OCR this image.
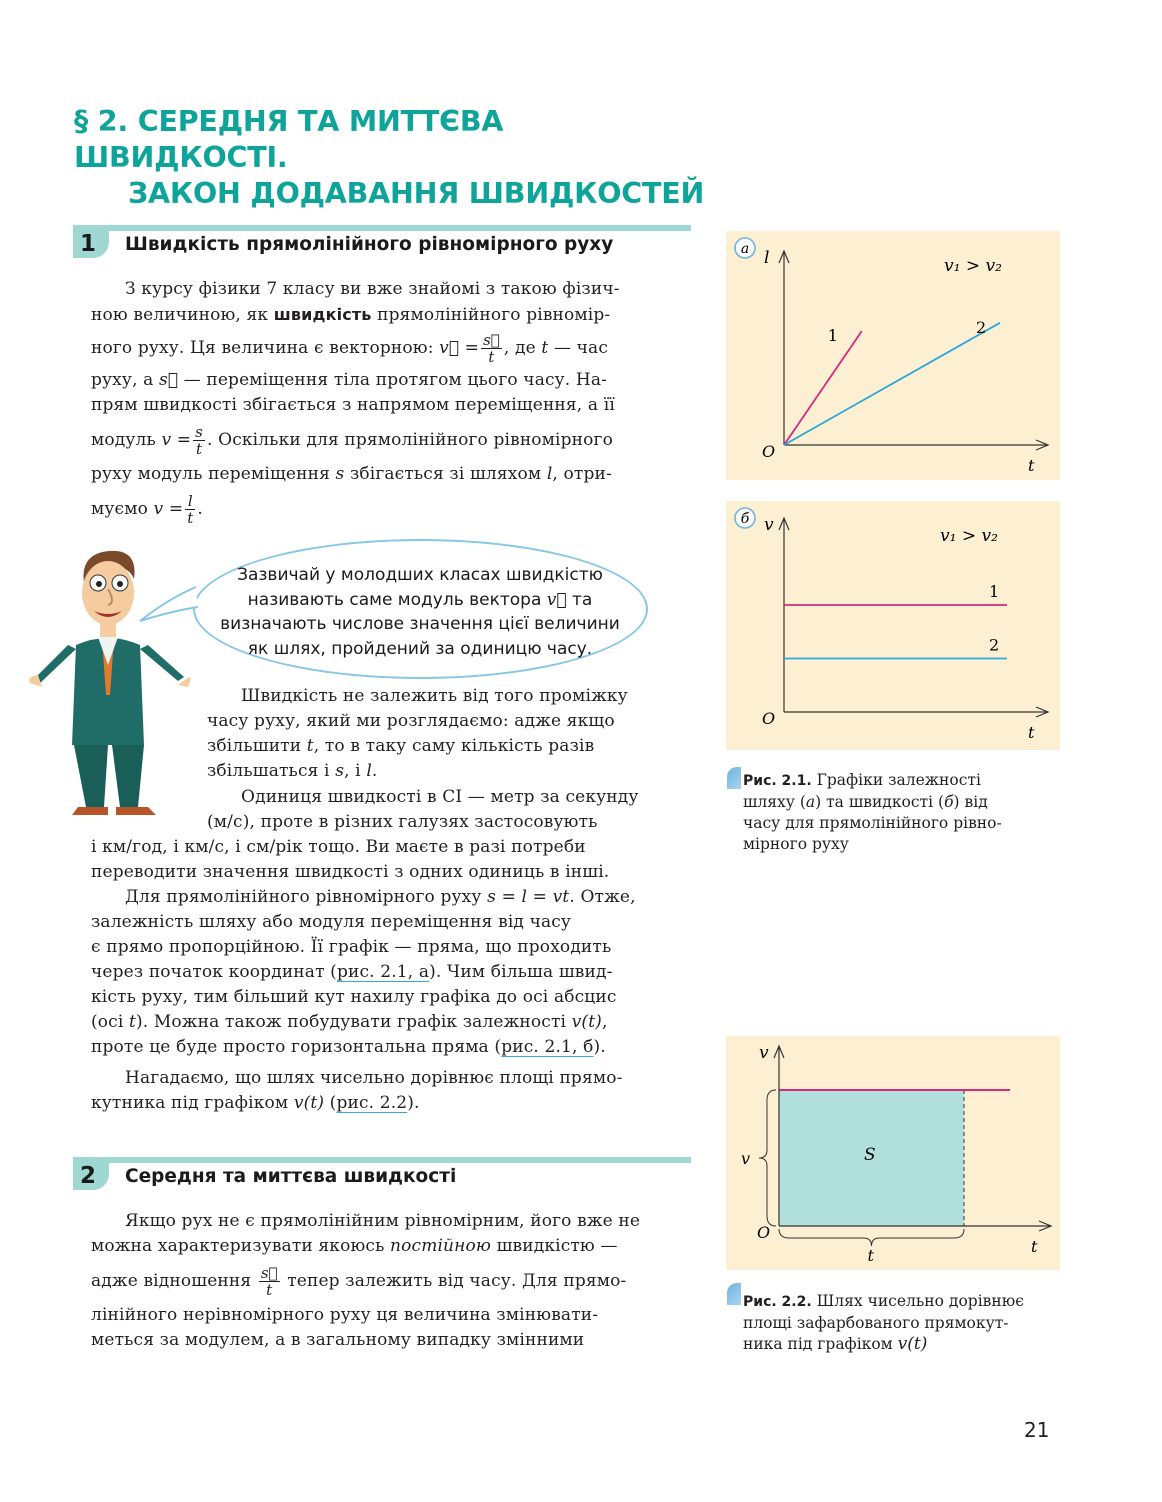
§ 2. СЕРЕДНЯ ТА МИТТЄВА ШВИДКОСТІ.
ЗАКОН ДОДАВАННЯ ШВИДКОСТЕЙ
1	Швидкість прямолінійного рівномірного руху
З курсу фізики 7 класу ви вже знайомі з такою фізич-
ною величиною, як швидкість прямолінійного рівномір-
ного руху. Ця величина є векторною: v⃗ = $\frac{s⃗}{t}$ , де t — час
руху, а s⃗ — переміщення тіла протягом цього часу. На-
прям швидкості збігається з напрямом переміщення, а її
модуль $v = \frac{s}{t}$ . Оскільки для прямолінійного рівномірного
руху модуль переміщення s збігається зі шляхом l, отри-
муємо $v = \frac{l}{t}$ .
Зазвичай у молодших класах швидкістю
називають саме модуль вектора v⃗ та
визначають числове значення цієї величини
як шлях, пройдений за одиницю часу.
Швидкість не залежить від того проміжку
часу руху, який ми розглядаємо: адже якщо
збільшити t, то в таку саму кількість разів
збільшаться і s, і l.
Одиниця швидкості в СІ — метр за секунду
(м/с), проте в різних галузях застосовують
і км/год, і км/с, і см/рік тощо. Ви маєте в разі потреби
переводити значення швидкості з одних одиниць в інші.
Для прямолінійного рівномірного руху s = l = vt. Отже,
залежність шляху або модуля переміщення від часу
є прямо пропорційною. Її графік — пряма, що проходить
через початок координат (рис. 2.1, а). Чим більша швид-
кість руху, тим більший кут нахилу графіка до осі абсцис
(осі t). Можна також побудувати графік залежності v(t),
проте це буде просто горизонтальна пряма (рис. 2.1, б).
Нагадаємо, що шлях чисельно дорівнює площі прямо-
кутника під графіком v(t) (рис. 2.2).
2	Середня та миттєва швидкості
Якщо рух не є прямолінійним рівномірним, його вже не
можна характеризувати якоюсь постійною швидкістю —
адже відношення $\frac{s⃗}{t}$ тепер залежить від часу. Для прямо-
лінійного нерівномірного руху ця величина змінювати-
меться за модулем, а в загальному випадку змінними
а
O
t
l	v₁ > v₂
1	2
б
O
t
v
v₁ > v₂
1
2
Рис. 2.1. Графіки залежності
шляху (а) та швидкості (б) від
часу для прямолінійного рівно-
мірного руху
O
t
v
S
v
t
Рис. 2.2. Шлях чисельно дорівнює
площі зафарбованого прямокут-
ника під графіком v(t)
21
